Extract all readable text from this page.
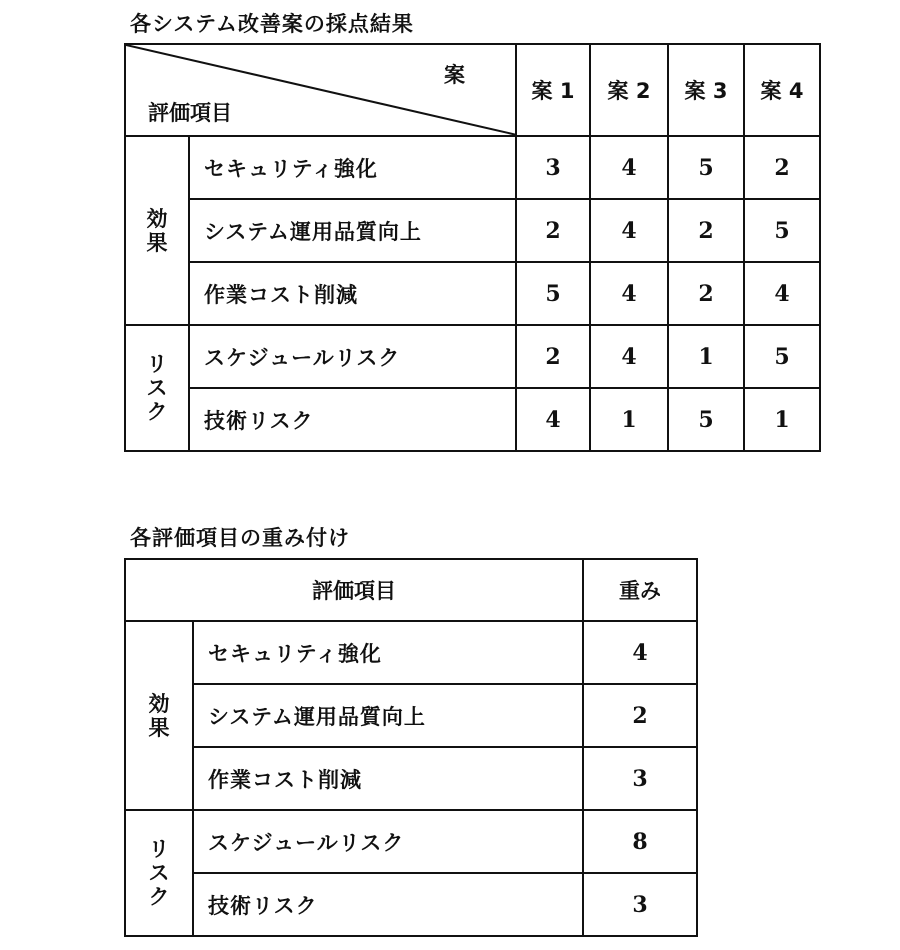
各システム改善案の採点結果
案
評価項目		案 1	案 2	案 3	案 4

効
果	セキュリティ強化	3	4	5	2
	システム運用品質向上	2	4	2	5
	作業コスト削減	5	4	2	4

リ
ス
ク	スケジュールリスク	2	4	1	5
	技術リスク	4	1	5	1
各評価項目の重み付け
評価項目		重み

効
果	セキュリティ強化	4
	システム運用品質向上	2
	作業コスト削減	3

リ
ス
ク	スケジュールリスク	8
	技術リスク	3
